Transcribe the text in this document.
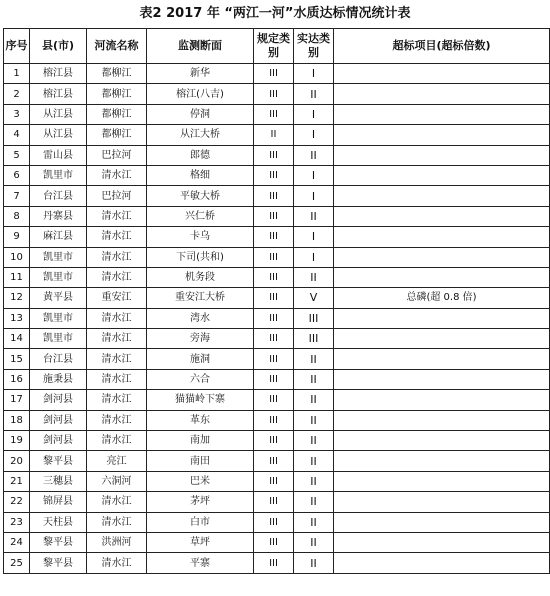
表2 2017 年 “两江一河”水质达标情况统计表
序号	县(市)	河流名称	监测断面	规定类别	实达类别	超标项目(超标倍数)
1	榕江县	都柳江	新华	III	I	
2	榕江县	都柳江	榕江(八吉)	III	II	
3	从江县	都柳江	停洞	III	I	
4	从江县	都柳江	从江大桥	II	I	
5	雷山县	巴拉河	郎德	III	II	
6	凯里市	清水江	格细	III	I	
7	台江县	巴拉河	平敏大桥	III	I	
8	丹寨县	清水江	兴仁桥	III	II	
9	麻江县	清水江	卡乌	III	I	
10	凯里市	清水江	下司(共和)	III	I	
11	凯里市	清水江	机务段	III	II	
12	黄平县	重安江	重安江大桥	III	V	总磷(超 0.8 倍)
13	凯里市	清水江	湾水	III	III	
14	凯里市	清水江	旁海	III	III	
15	台江县	清水江	施洞	III	II	
16	施秉县	清水江	六合	III	II	
17	剑河县	清水江	猫猫岭下寨	III	II	
18	剑河县	清水江	革东	III	II	
19	剑河县	清水江	南加	III	II	
20	黎平县	亮江	南田	III	II	
21	三穗县	六洞河	巴米	III	II	
22	锦屏县	清水江	茅坪	III	II	
23	天柱县	清水江	白市	III	II	
24	黎平县	洪洲河	草坪	III	II	
25	黎平县	清水江	平寨	III	II	
